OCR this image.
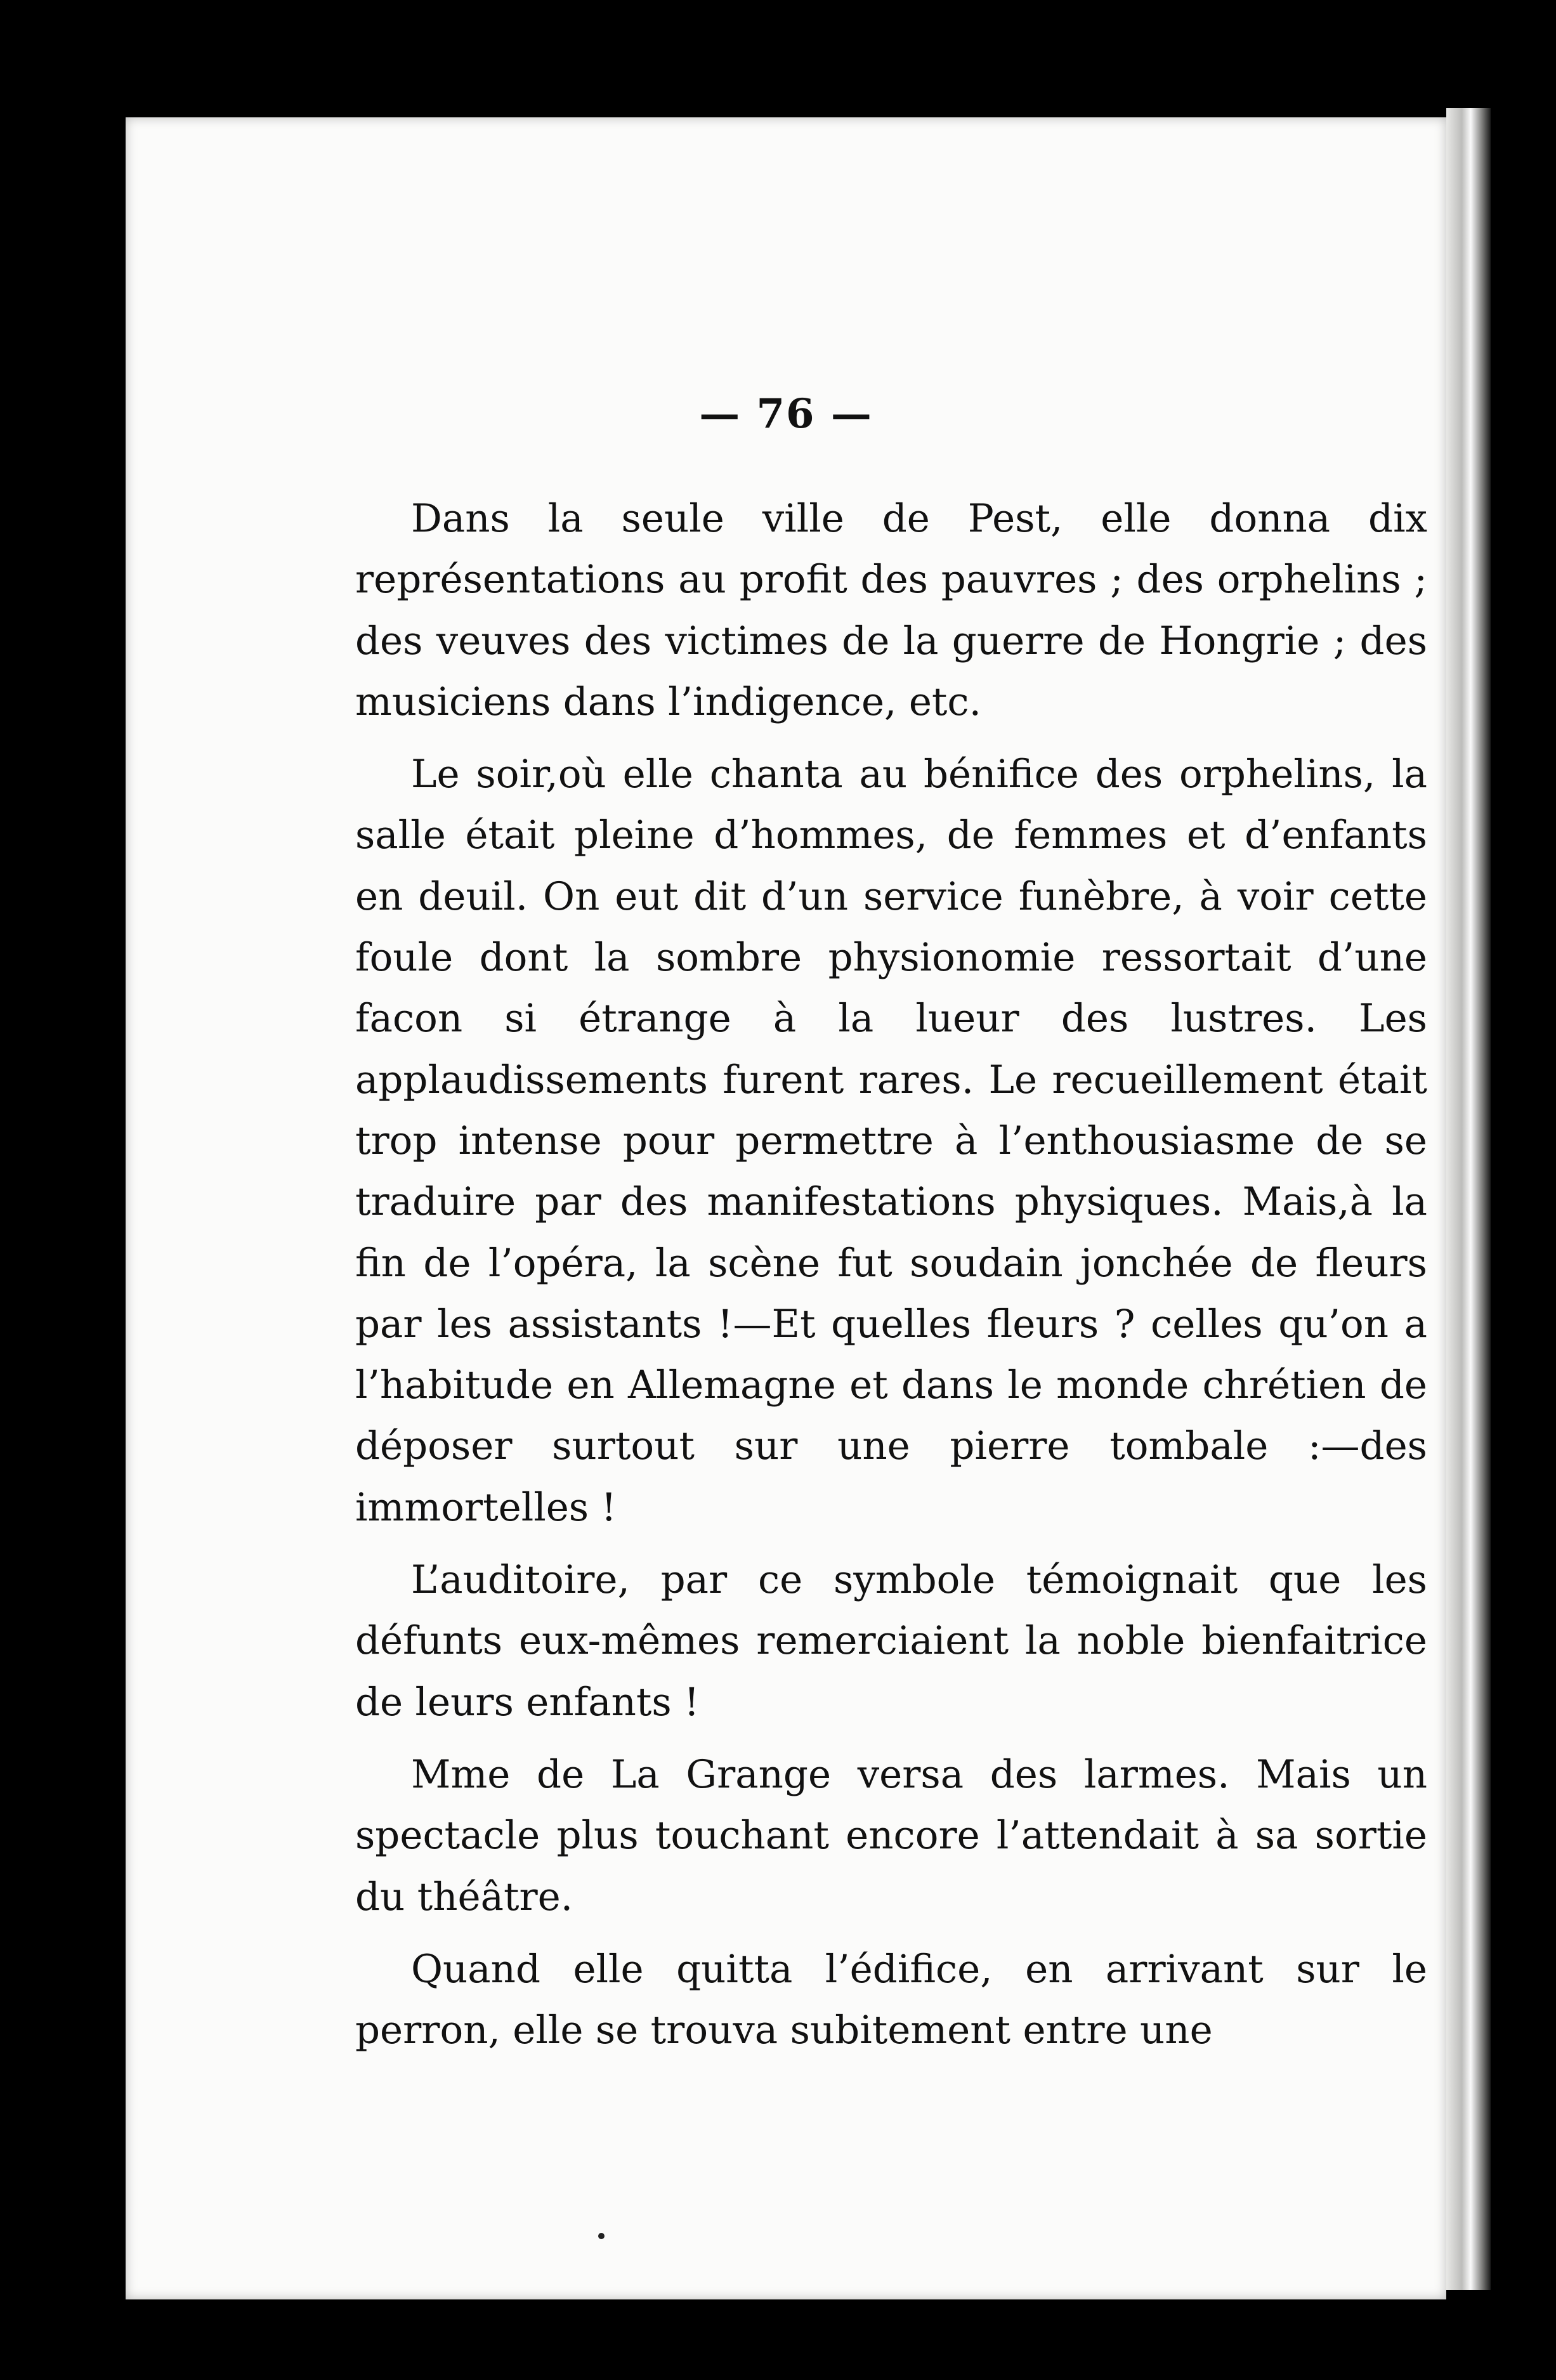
— 76 —

Dans la seule ville de Pest, elle donna dix représentations au profit des pauvres ; des orphelins ; des veuves des victimes de la guerre de Hongrie ; des musiciens dans l’indigence, etc.

Le soir,où elle chanta au bénifice des orphelins, la salle était pleine d’hommes, de femmes et d’enfants en deuil. On eut dit d’un service funèbre, à voir cette foule dont la sombre physionomie ressortait d’une facon si étrange à la lueur des lustres. Les applaudissements furent rares. Le recueillement était trop intense pour permettre à l’enthousiasme de se traduire par des manifestations physiques. Mais,à la fin de l’opéra, la scène fut soudain jonchée de fleurs par les assistants !—Et quelles fleurs ? celles qu’on a l’habitude en Allemagne et dans le monde chrétien de déposer surtout sur une pierre tombale :—des immortelles !

L’auditoire, par ce symbole témoignait que les défunts eux-mêmes remerciaient la noble bienfaitrice de leurs enfants !

Mme de La Grange versa des larmes. Mais un spectacle plus touchant encore l’attendait à sa sortie du théâtre.

Quand elle quitta l’édifice, en arrivant sur le perron, elle se trouva subitement entre une
